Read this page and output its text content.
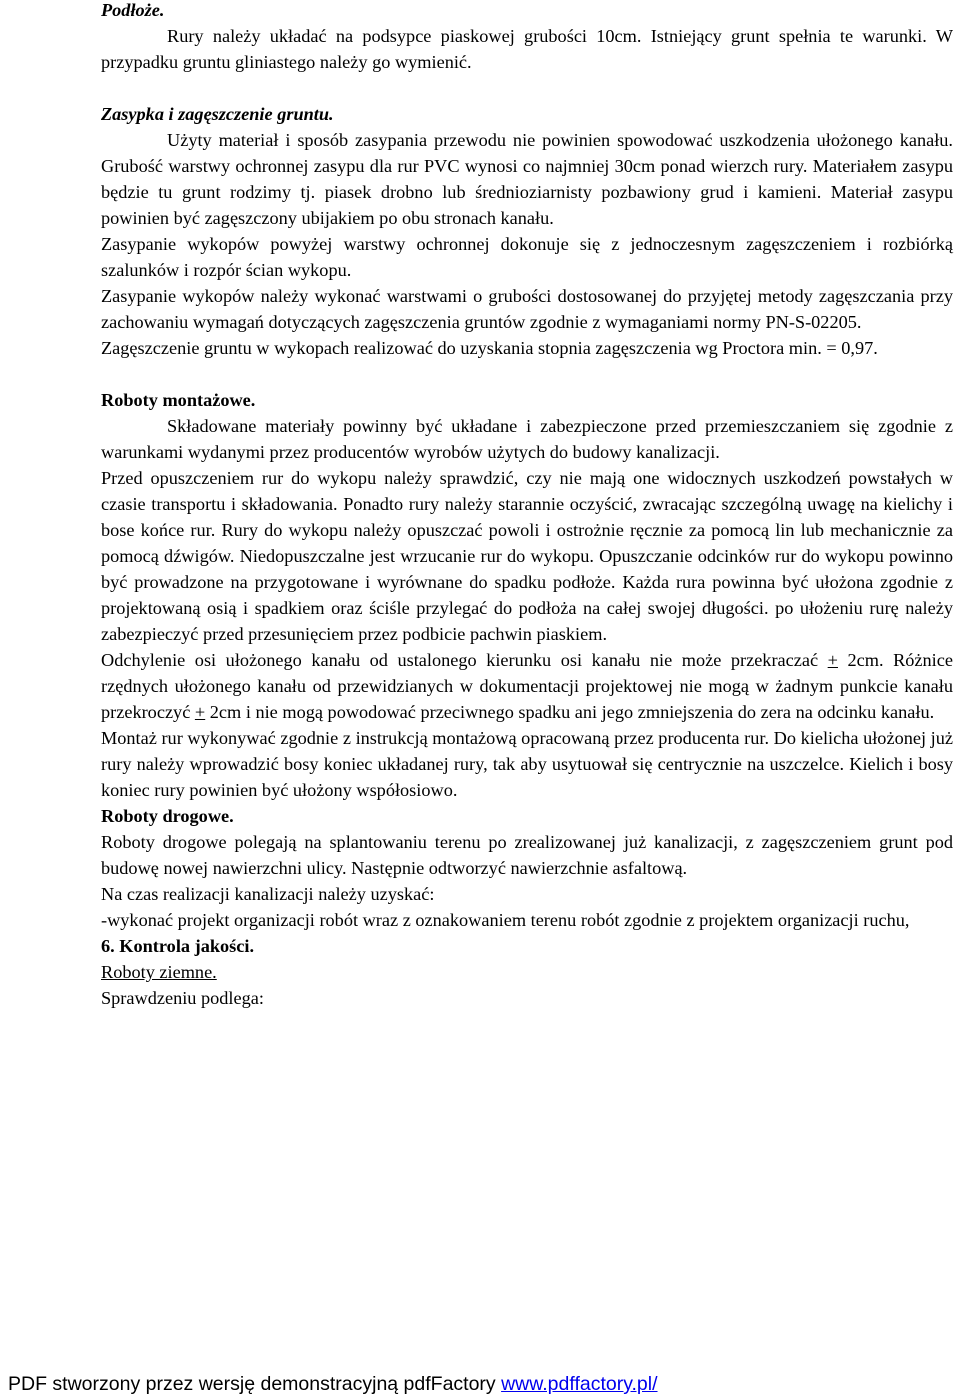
Podłoże.

Rury należy układać na podsypce piaskowej grubości 10cm. Istniejący grunt spełnia te warunki. W przypadku gruntu gliniastego należy go wymienić.

Zasypka i zagęszczenie gruntu.

Użyty materiał i sposób zasypania przewodu nie powinien spowodować uszkodzenia ułożonego kanału. Grubość warstwy ochronnej zasypu dla rur PVC wynosi co najmniej 30cm ponad wierzch rury. Materiałem zasypu będzie tu grunt rodzimy tj. piasek drobno lub średnioziarnisty pozbawiony grud i kamieni. Materiał zasypu powinien być zagęszczony ubijakiem po obu stronach kanału.

Zasypanie wykopów powyżej warstwy ochronnej dokonuje się z jednoczesnym zagęszczeniem i rozbiórką szalunków i rozpór ścian wykopu.

Zasypanie wykopów należy wykonać warstwami o grubości dostosowanej do przyjętej metody zagęszczania przy zachowaniu wymagań dotyczących zagęszczenia gruntów zgodnie z wymaganiami normy PN-S-02205.

Zagęszczenie gruntu w wykopach realizować do uzyskania stopnia zagęszczenia wg Proctora min. = 0,97.

Roboty montażowe.

Składowane materiały powinny być układane i zabezpieczone przed przemieszczaniem się zgodnie z warunkami wydanymi przez producentów wyrobów użytych do budowy kanalizacji.

Przed opuszczeniem rur do wykopu należy sprawdzić, czy nie mają one widocznych uszkodzeń powstałych w czasie transportu i składowania. Ponadto rury należy starannie oczyścić, zwracając szczególną uwagę na kielichy i bose końce rur. Rury do wykopu należy opuszczać powoli i ostrożnie ręcznie za pomocą lin lub mechanicznie za pomocą dźwigów. Niedopuszczalne jest wrzucanie rur do wykopu. Opuszczanie odcinków rur do wykopu powinno być prowadzone na przygotowane i wyrównane do spadku podłoże. Każda rura powinna być ułożona zgodnie z projektowaną osią i spadkiem oraz ściśle przylegać do podłoża na całej swojej długości. po ułożeniu rurę należy zabezpieczyć przed przesunięciem przez podbicie pachwin piaskiem.

Odchylenie osi ułożonego kanału od ustalonego kierunku osi kanału nie może przekraczać + 2cm. Różnice rzędnych ułożonego kanału od przewidzianych w dokumentacji projektowej nie mogą w żadnym punkcie kanału przekroczyć + 2cm i nie mogą powodować przeciwnego spadku ani jego zmniejszenia do zera na odcinku kanału.

Montaż rur wykonywać zgodnie z instrukcją montażową opracowaną przez producenta rur. Do kielicha ułożonej już rury należy wprowadzić bosy koniec układanej rury, tak aby usytuował się centrycznie na uszczelce. Kielich i bosy koniec rury powinien być ułożony współosiowo.

Roboty drogowe.

Roboty drogowe polegają na splantowaniu terenu po zrealizowanej już kanalizacji, z zagęszczeniem grunt pod budowę nowej nawierzchni ulicy. Następnie odtworzyć nawierzchnie asfaltową.

Na czas realizacji kanalizacji należy uzyskać:

-wykonać projekt organizacji robót wraz z oznakowaniem terenu robót zgodnie z projektem organizacji ruchu,

6. Kontrola jakości.

Roboty ziemne.

Sprawdzeniu podlega:

PDF stworzony przez wersję demonstracyjną pdfFactory www.pdffactory.pl/
